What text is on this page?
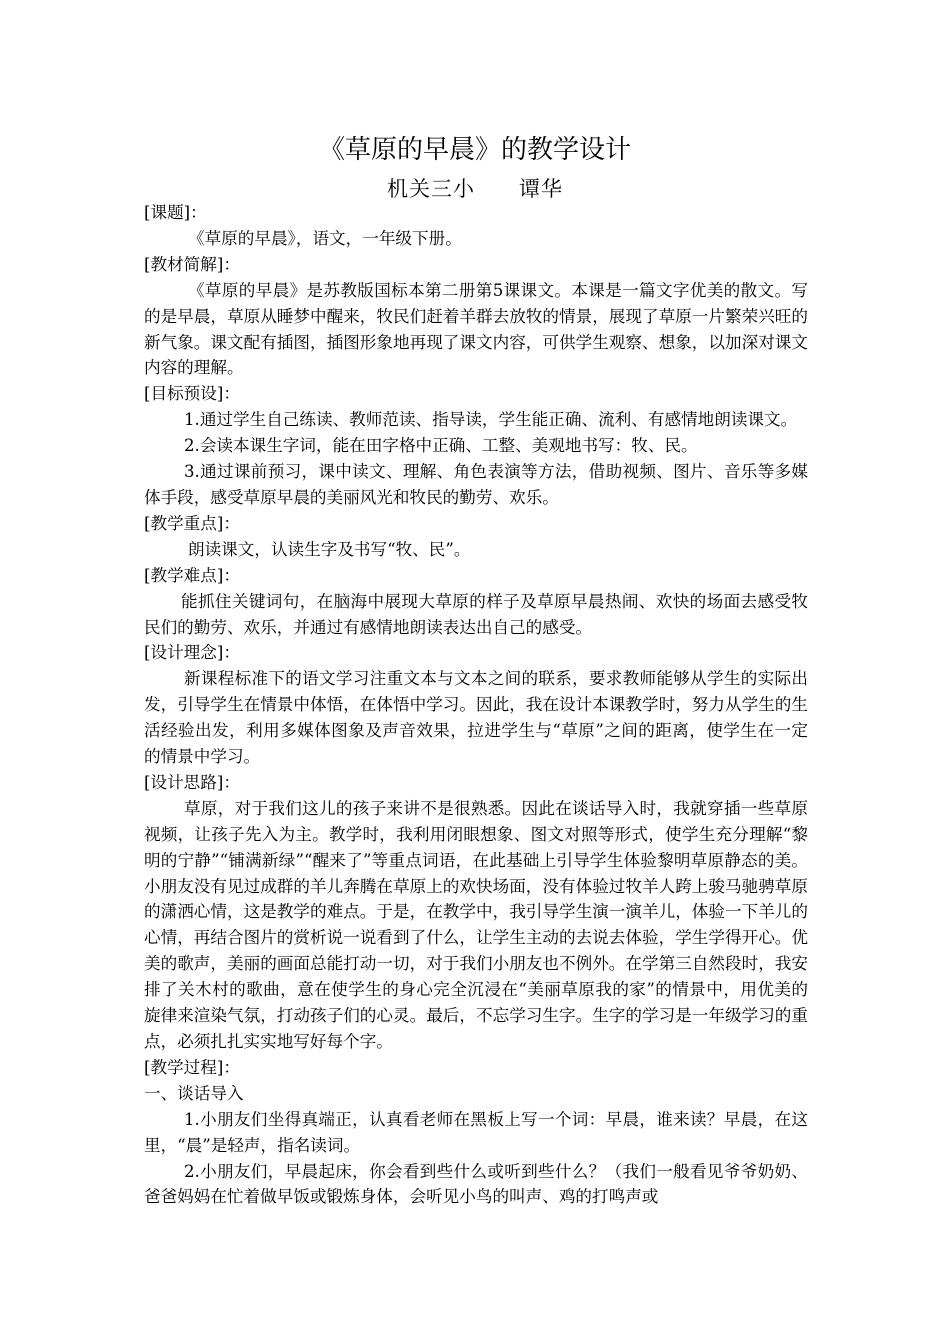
《草原的早晨》的教学设计
机关三小 谭华

[课题]：

《草原的早晨》，语文，一年级下册。

[教材简解]：

《草原的早晨》是苏教版国标本第二册第5课课文。本课是一篇文字优美的散文。写的是早晨，草原从睡梦中醒来，牧民们赶着羊群去放牧的情景，展现了草原一片繁荣兴旺的新气象。课文配有插图，插图形象地再现了课文内容，可供学生观察、想象，以加深对课文内容的理解。

[目标预设]：

1.通过学生自己练读、教师范读、指导读，学生能正确、流利、有感情地朗读课文。

2.会读本课生字词，能在田字格中正确、工整、美观地书写：牧、民。

3.通过课前预习，课中读文、理解、角色表演等方法，借助视频、图片、音乐等多媒体手段，感受草原早晨的美丽风光和牧民的勤劳、欢乐。

[教学重点]：

朗读课文，认读生字及书写“牧、民”。

[教学难点]：

能抓住关键词句，在脑海中展现大草原的样子及草原早晨热闹、欢快的场面去感受牧民们的勤劳、欢乐，并通过有感情地朗读表达出自己的感受。

[设计理念]：

新课程标准下的语文学习注重文本与文本之间的联系，要求教师能够从学生的实际出发，引导学生在情景中体悟，在体悟中学习。因此，我在设计本课教学时，努力从学生的生活经验出发，利用多媒体图象及声音效果，拉进学生与“草原”之间的距离，使学生在一定的情景中学习。

[设计思路]：

草原，对于我们这儿的孩子来讲不是很熟悉。因此在谈话导入时，我就穿插一些草原视频，让孩子先入为主。教学时，我利用闭眼想象、图文对照等形式，使学生充分理解“黎明的宁静”“铺满新绿”“醒来了”等重点词语，在此基础上引导学生体验黎明草原静态的美。小朋友没有见过成群的羊儿奔腾在草原上的欢快场面，没有体验过牧羊人跨上骏马驰骋草原的潇洒心情，这是教学的难点。于是，在教学中，我引导学生演一演羊儿，体验一下羊儿的心情，再结合图片的赏析说一说看到了什么，让学生主动的去说去体验，学生学得开心。优美的歌声，美丽的画面总能打动一切，对于我们小朋友也不例外。在学第三自然段时，我安排了关木村的歌曲，意在使学生的身心完全沉浸在“美丽草原我的家”的情景中，用优美的旋律来渲染气氛，打动孩子们的心灵。最后，不忘学习生字。生字的学习是一年级学习的重点，必须扎扎实实地写好每个字。

[教学过程]：

一、谈话导入

1.小朋友们坐得真端正，认真看老师在黑板上写一个词：早晨，谁来读？早晨，在这里，“晨”是轻声，指名读词。

2.小朋友们，早晨起床，你会看到些什么或听到些什么？（我们一般看见爷爷奶奶、爸爸妈妈在忙着做早饭或锻炼身体，会听见小鸟的叫声、鸡的打鸣声或
